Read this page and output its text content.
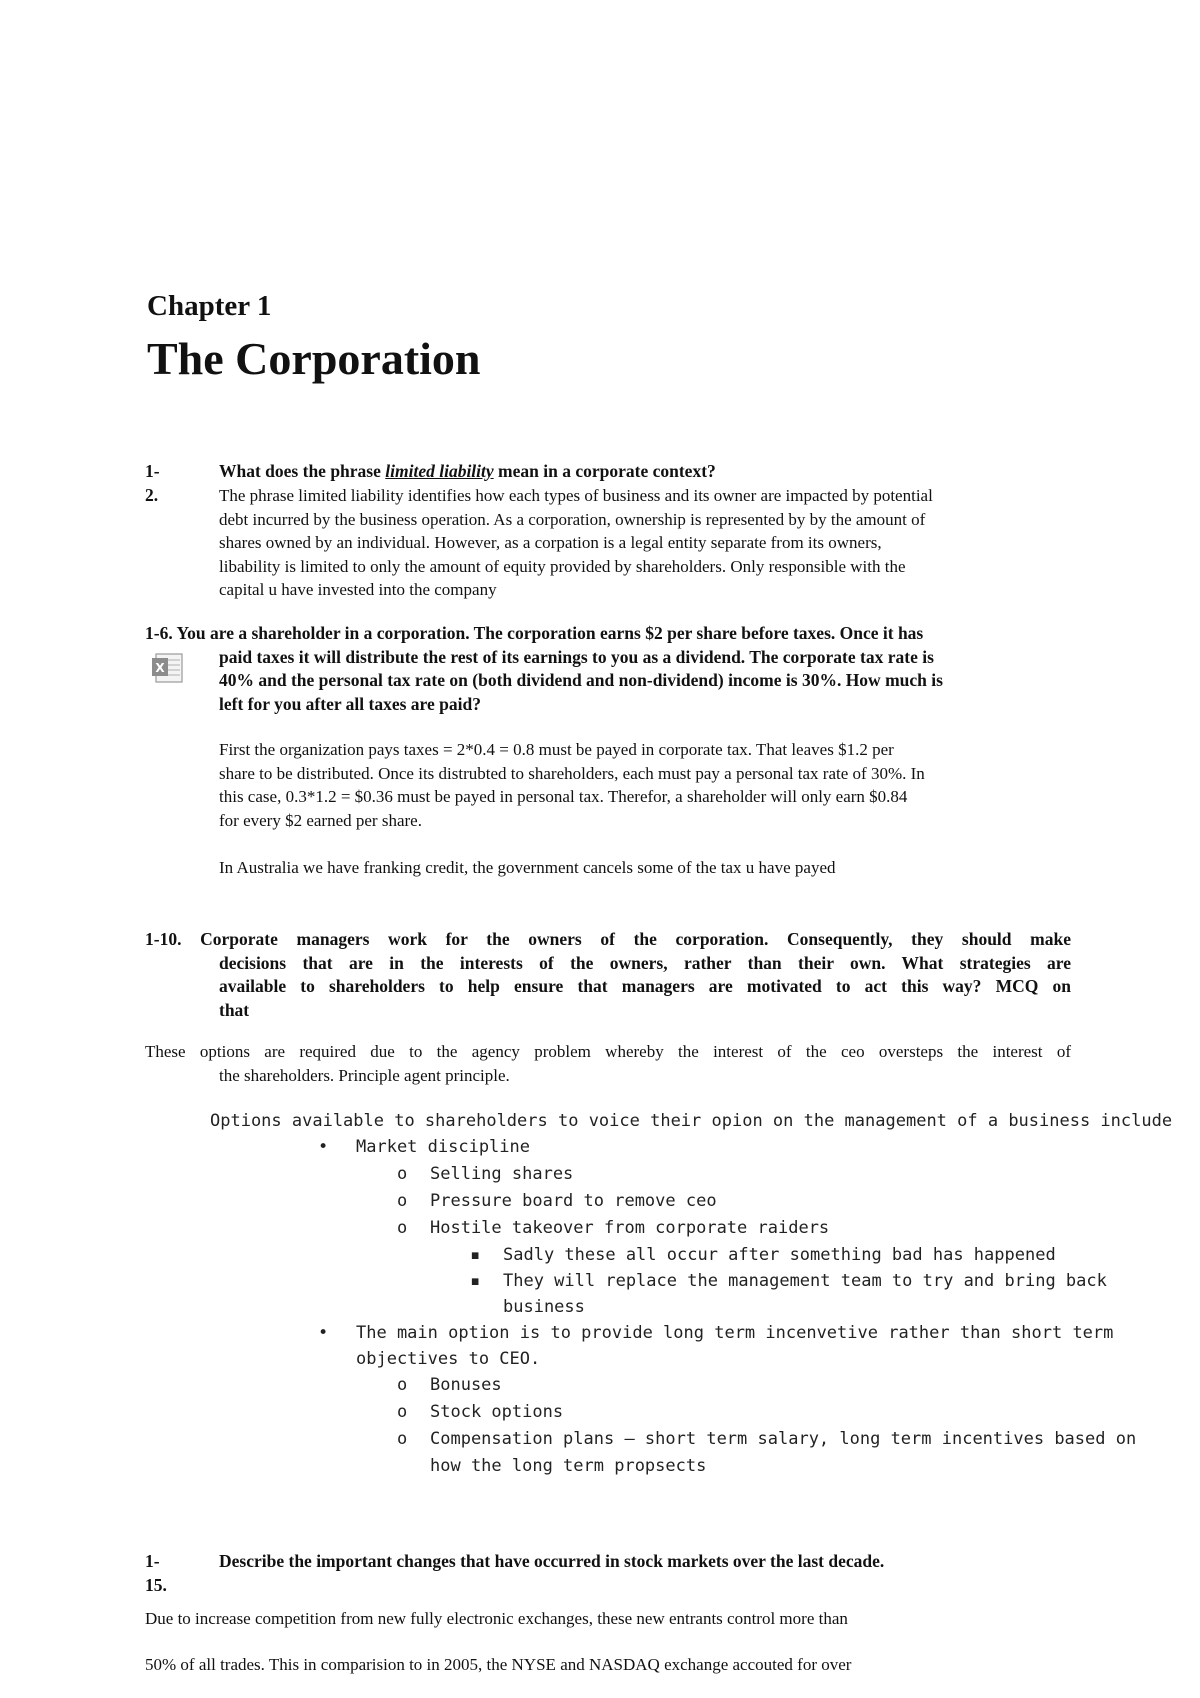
Chapter 1
The Corporation
1-2.
What does the phrase limited liability mean in a corporate context?
The phrase limited liability identifies how each types of business and its owner are impacted by potential
debt incurred by the business operation. As a corporation, ownership is represented by by the amount of
shares owned by an individual. However, as a corpation is a legal entity separate from its owners,
libability is limited to only the amount of equity provided by shareholders. Only responsible with the
capital u have invested into the company
1-6. You are a shareholder in a corporation. The corporation earns $2 per share before taxes. Once it has
paid taxes it will distribute the rest of its earnings to you as a dividend. The corporate tax rate is
40% and the personal tax rate on (both dividend and non-dividend) income is 30%. How much is
left for you after all taxes are paid?
X
First the organization pays taxes = 2*0.4 = 0.8 must be payed in corporate tax. That leaves $1.2 per
share to be distributed. Once its distrubted to shareholders, each must pay a personal tax rate of 30%. In
this case, 0.3*1.2 = $0.36 must be payed in personal tax. Therefor, a shareholder will only earn $0.84
for every $2 earned per share.
In Australia we have franking credit, the government cancels some of the tax u have payed
1-10. Corporate managers work for the owners of the corporation. Consequently, they should make
decisions that are in the interests of the owners, rather than their own. What strategies are
available to shareholders to help ensure that managers are motivated to act this way? MCQ on
that
These options are required due to the agency problem whereby the interest of the ceo oversteps the interest of
the shareholders. Principle agent principle.
Options available to shareholders to voice their opion on the management of a business include
• Market discipline
o Selling shares
o Pressure board to remove ceo
o Hostile takeover from corporate raiders
▪ Sadly these all occur after something bad has happened
▪ They will replace the management team to try and bring back
business
• The main option is to provide long term incenvetive rather than short term
objectives to CEO.
o Bonuses
o Stock options
o Compensation plans – short term salary, long term incentives based on
how the long term propsects
1-15.
Describe the important changes that have occurred in stock markets over the last decade.
Due to increase competition from new fully electronic exchanges, these new entrants control more than
50% of all trades. This in comparision to in 2005, the NYSE and NASDAQ exchange accouted for over
